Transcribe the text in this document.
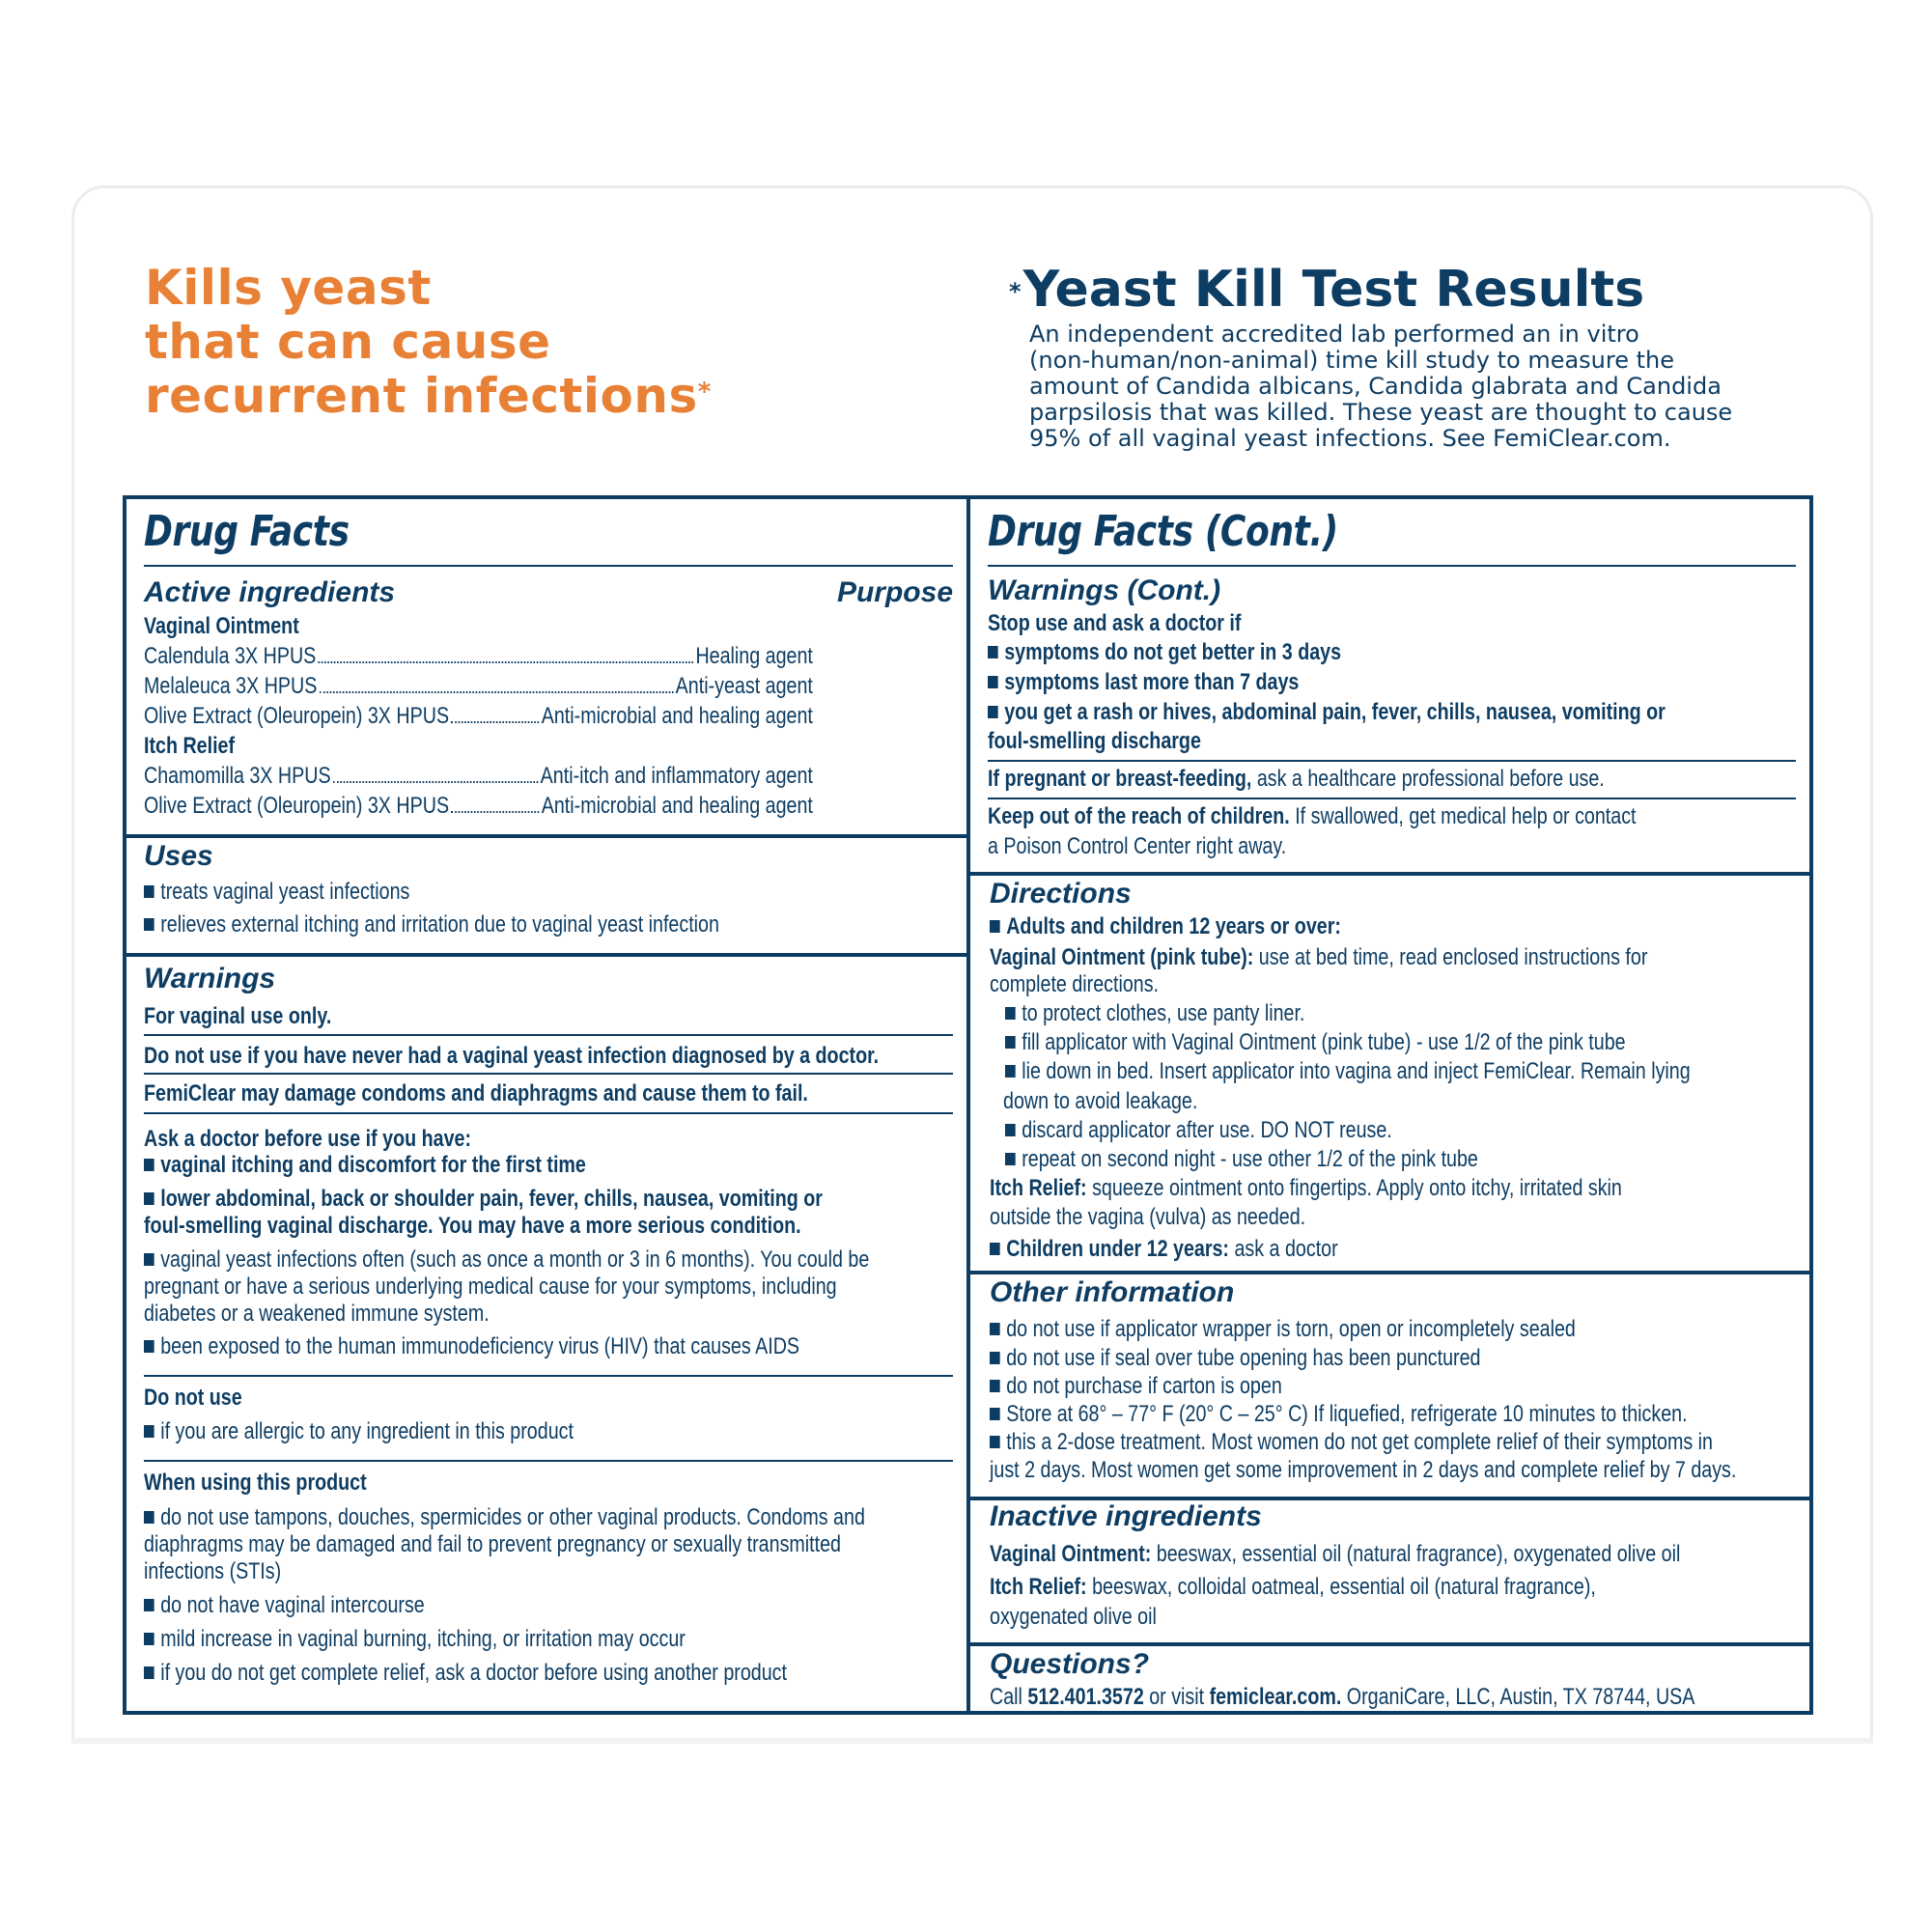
Kills yeast
that can cause
recurrent infections*
*Yeast Kill Test Results
An independent accredited lab performed an in vitro
(non-human/non-animal) time kill study to measure the
amount of Candida albicans, Candida glabrata and Candida
parpsilosis that was killed. These yeast are thought to cause
95% of all vaginal yeast infections. See FemiClear.com.
Drug Facts
Active ingredients	Purpose
Vaginal Ointment
Calendula 3X HPUS	Healing agent
Melaleuca 3X HPUS	Anti-yeast agent
Olive Extract (Oleuropein) 3X HPUS	Anti-microbial and healing agent
Itch Relief
Chamomilla 3X HPUS	Anti-itch and inflammatory agent
Olive Extract (Oleuropein) 3X HPUS	Anti-microbial and healing agent
Uses
treats vaginal yeast infections
relieves external itching and irritation due to vaginal yeast infection
Warnings
For vaginal use only.
Do not use if you have never had a vaginal yeast infection diagnosed by a doctor.
FemiClear may damage condoms and diaphragms and cause them to fail.
Ask a doctor before use if you have:
vaginal itching and discomfort for the first time
lower abdominal, back or shoulder pain, fever, chills, nausea, vomiting or
foul-smelling vaginal discharge. You may have a more serious condition.
vaginal yeast infections often (such as once a month or 3 in 6 months). You could be
pregnant or have a serious underlying medical cause for your symptoms, including
diabetes or a weakened immune system.
been exposed to the human immunodeficiency virus (HIV) that causes AIDS
Do not use
if you are allergic to any ingredient in this product
When using this product
do not use tampons, douches, spermicides or other vaginal products. Condoms and
diaphragms may be damaged and fail to prevent pregnancy or sexually transmitted
infections (STIs)
do not have vaginal intercourse
mild increase in vaginal burning, itching, or irritation may occur
if you do not get complete relief, ask a doctor before using another product
Drug Facts (Cont.)
Warnings (Cont.)
Stop use and ask a doctor if
symptoms do not get better in 3 days
symptoms last more than 7 days
you get a rash or hives, abdominal pain, fever, chills, nausea, vomiting or
foul-smelling discharge
If pregnant or breast-feeding, ask a healthcare professional before use.
Keep out of the reach of children. If swallowed, get medical help or contact
a Poison Control Center right away.
Directions
Adults and children 12 years or over:
Vaginal Ointment (pink tube): use at bed time, read enclosed instructions for
complete directions.
to protect clothes, use panty liner.
fill applicator with Vaginal Ointment (pink tube) - use 1/2 of the pink tube
lie down in bed. Insert applicator into vagina and inject FemiClear. Remain lying
down to avoid leakage.
discard applicator after use. DO NOT reuse.
repeat on second night - use other 1/2 of the pink tube
Itch Relief: squeeze ointment onto fingertips. Apply onto itchy, irritated skin
outside the vagina (vulva) as needed.
Children under 12 years: ask a doctor
Other information
do not use if applicator wrapper is torn, open or incompletely sealed
do not use if seal over tube opening has been punctured
do not purchase if carton is open
Store at 68° – 77° F (20° C – 25° C) If liquefied, refrigerate 10 minutes to thicken.
this a 2-dose treatment. Most women do not get complete relief of their symptoms in
just 2 days. Most women get some improvement in 2 days and complete relief by 7 days.
Inactive ingredients
Vaginal Ointment: beeswax, essential oil (natural fragrance), oxygenated olive oil
Itch Relief: beeswax, colloidal oatmeal, essential oil (natural fragrance),
oxygenated olive oil
Questions?
Call 512.401.3572 or visit femiclear.com. OrganiCare, LLC, Austin, TX 78744, USA
